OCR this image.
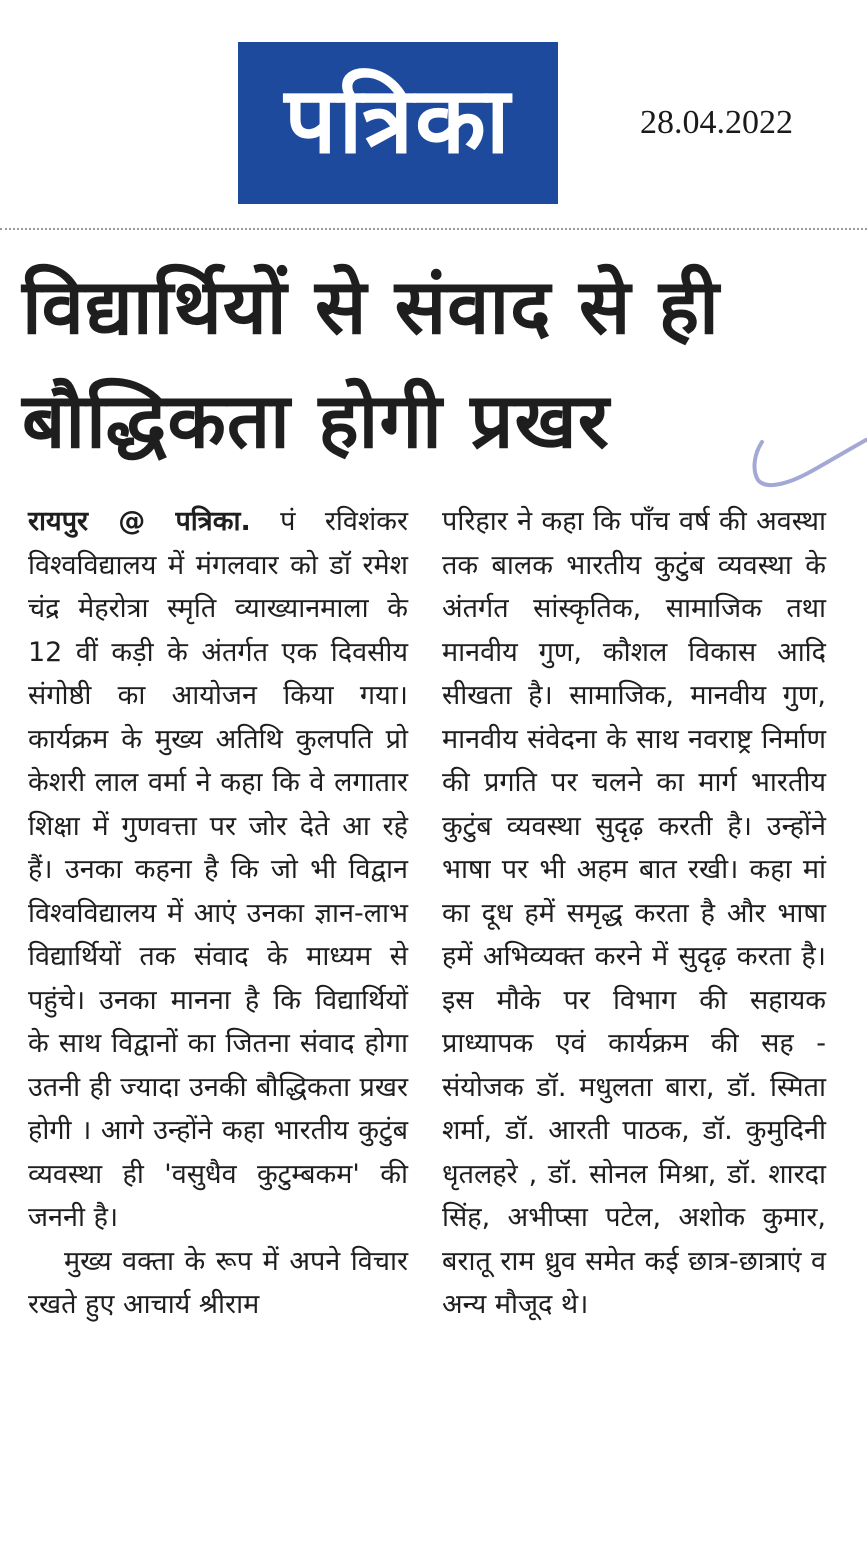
पत्रिका	28.04.2022
विद्यार्थियों से संवाद से ही
बौद्धिकता होगी प्रखर

रायपुर @ पत्रिका. पं रविशंकर विश्वविद्यालय में मंगलवार को डॉ रमेश चंद्र मेहरोत्रा स्मृति व्याख्यानमाला के 12 वीं कड़ी के अंतर्गत एक दिवसीय संगोष्ठी का आयोजन किया गया। कार्यक्रम के मुख्य अतिथि कुलपति प्रो केशरी लाल वर्मा ने कहा कि वे लगातार शिक्षा में गुणवत्ता पर जोर देते आ रहे हैं। उनका कहना है कि जो भी विद्वान विश्वविद्यालय में आएं उनका ज्ञान-लाभ विद्यार्थियों तक संवाद के माध्यम से पहुंचे। उनका मानना है कि विद्यार्थियों के साथ विद्वानों का जितना संवाद होगा उतनी ही ज्यादा उनकी बौद्धिकता प्रखर होगी । आगे उन्होंने कहा भारतीय कुटुंब व्यवस्था ही 'वसुधैव कुटुम्बकम' की जननी है।

मुख्य वक्ता के रूप में अपने विचार रखते हुए आचार्य श्रीराम

परिहार ने कहा कि पाँच वर्ष की अवस्था तक बालक भारतीय कुटुंब व्यवस्था के अंतर्गत सांस्कृतिक, सामाजिक तथा मानवीय गुण, कौशल विकास आदि सीखता है। सामाजिक, मानवीय गुण, मानवीय संवेदना के साथ नवराष्ट्र निर्माण की प्रगति पर चलने का मार्ग भारतीय कुटुंब व्यवस्था सुदृढ़ करती है। उन्होंने भाषा पर भी अहम बात रखी। कहा मां का दूध हमें समृद्ध करता है और भाषा हमें अभिव्यक्त करने में सुदृढ़ करता है। इस मौके पर विभाग की सहायक प्राध्यापक एवं कार्यक्रम की सह - संयोजक डॉ. मधुलता बारा, डॉ. स्मिता शर्मा, डॉ. आरती पाठक, डॉ. कुमुदिनी धृतलहरे , डॉ. सोनल मिश्रा, डॉ. शारदा सिंह, अभीप्सा पटेल, अशोक कुमार, बरातू राम ध्रुव समेत कई छात्र-छात्राएं व अन्य मौजूद थे।
